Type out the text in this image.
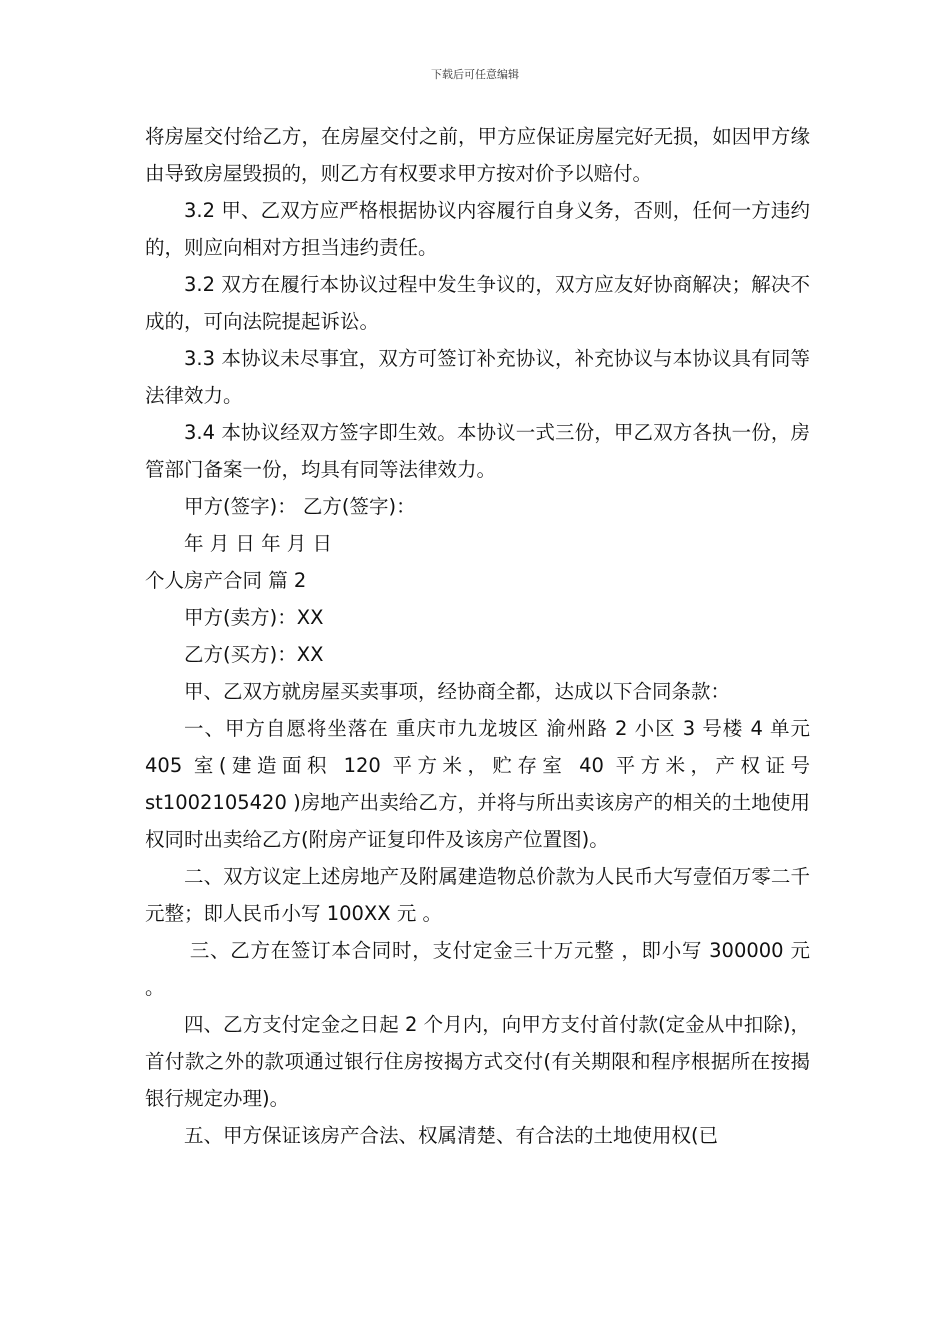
下载后可任意编辑

将房屋交付给乙方，在房屋交付之前，甲方应保证房屋完好无损，如因甲方缘由导致房屋毁损的，则乙方有权要求甲方按对价予以赔付。

3.2 甲、乙双方应严格根据协议内容履行自身义务，否则，任何一方违约的，则应向相对方担当违约责任。

3.2 双方在履行本协议过程中发生争议的，双方应友好协商解决；解决不成的，可向法院提起诉讼。

3.3 本协议未尽事宜，双方可签订补充协议，补充协议与本协议具有同等法律效力。

3.4 本协议经双方签字即生效。本协议一式三份，甲乙双方各执一份，房管部门备案一份，均具有同等法律效力。

甲方(签字)： 乙方(签字)：

年 月 日 年 月 日

个人房产合同 篇 2

甲方(卖方)：XX

乙方(买方)：XX

甲、乙双方就房屋买卖事项，经协商全都，达成以下合同条款：

一、甲方自愿将坐落在 重庆市九龙坡区 渝州路 2 小区 3 号楼 4 单元 405 室(建造面积 120 平方米，贮存室 40 平方米，产权证号 st1002105420 )房地产出卖给乙方，并将与所出卖该房产的相关的土地使用权同时出卖给乙方(附房产证复印件及该房产位置图)。

二、双方议定上述房地产及附属建造物总价款为人民币大写壹佰万零二千元整；即人民币小写 100XX 元 。

三、乙方在签订本合同时，支付定金三十万元整 ，即小写 300000 元 。

四、乙方支付定金之日起 2 个月内，向甲方支付首付款(定金从中扣除)，首付款之外的款项通过银行住房按揭方式交付(有关期限和程序根据所在按揭银行规定办理)。

五、甲方保证该房产合法、权属清楚、有合法的土地使用权(已
